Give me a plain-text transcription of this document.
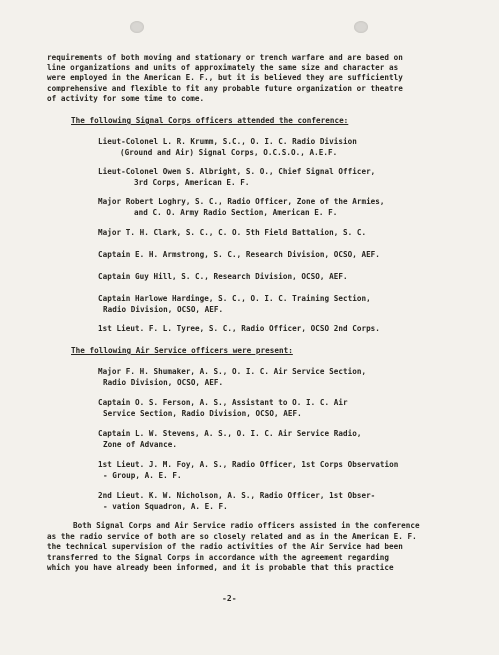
requirements of both moving and stationary or trench warfare and are based on
line organizations and units of approximately the same size and character as
were employed in the American E. F., but it is believed they are sufficiently
comprehensive and flexible to fit any probable future organization or theatre
of activity for some time to come.
The following Signal Corps officers attended the conference:
Lieut-Colonel L. R. Krumm, S.C., O. I. C. Radio Division
(Ground and Air) Signal Corps, O.C.S.O., A.E.F.
Lieut-Colonel Owen S. Albright, S. O., Chief Signal Officer,
3rd Corps, American E. F.
Major Robert Loghry, S. C., Radio Officer, Zone of the Armies,
and C. O. Army Radio Section, American E. F.
Major T. H. Clark, S. C., C. O. 5th Field Battalion, S. C.
Captain E. H. Armstrong, S. C., Research Division, OCSO, AEF.
Captain Guy Hill, S. C., Research Division, OCSO, AEF.
Captain Harlowe Hardinge, S. C., O. I. C. Training Section,
Radio Division, OCSO, AEF.
1st Lieut. F. L. Tyree, S. C., Radio Officer, OCSO 2nd Corps.
The following Air Service officers were present:
Major F. H. Shumaker, A. S., O. I. C. Air Service Section,
Radio Division, OCSO, AEF.
Captain O. S. Ferson, A. S., Assistant to O. I. C. Air
Service Section, Radio Division, OCSO, AEF.
Captain L. W. Stevens, A. S., O. I. C. Air Service Radio,
Zone of Advance.
1st Lieut. J. M. Foy, A. S., Radio Officer, 1st Corps Observation
- Group, A. E. F.
2nd Lieut. K. W. Nicholson, A. S., Radio Officer, 1st Obser-
- vation Squadron, A. E. F.
Both Signal Corps and Air Service radio officers assisted in the conference
as the radio service of both are so closely related and as in the American E. F.
the technical supervision of the radio activities of the Air Service had been
transferred to the Signal Corps in accordance with the agreement regarding
which you have already been informed, and it is probable that this practice
-2-
